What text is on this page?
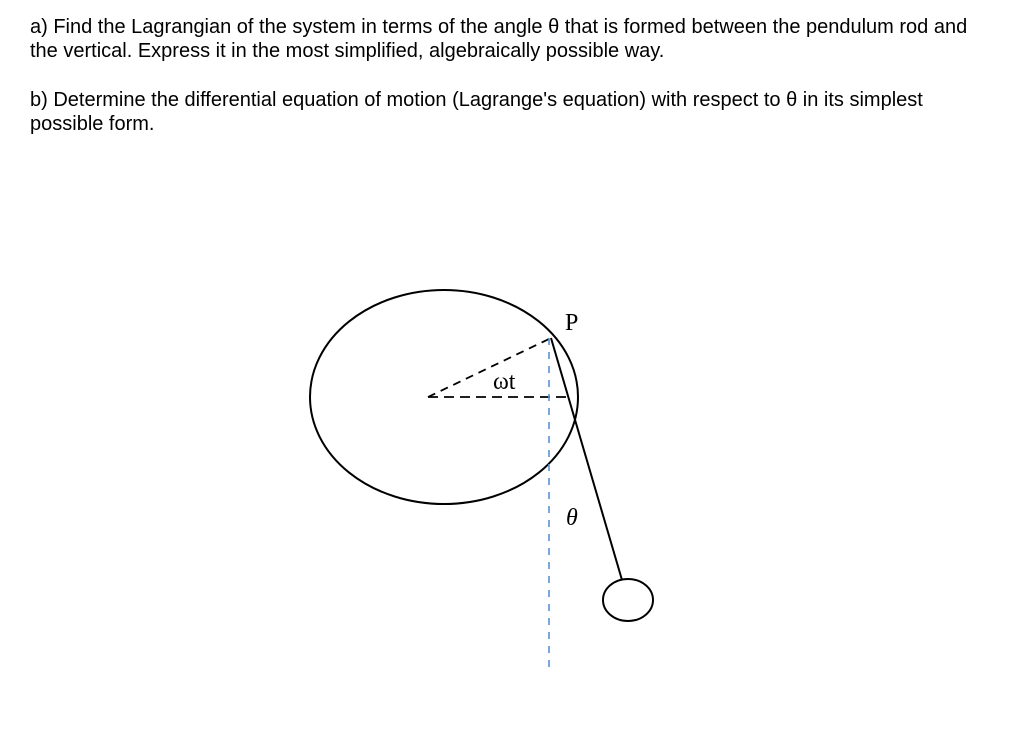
a) Find the Lagrangian of the system in terms of the angle θ that is formed between the pendulum rod and the vertical. Express it in the most simplified, algebraically possible way.

b) Determine the differential equation of motion (Lagrange's equation) with respect to θ in its simplest possible form.

P
ωt
θ
